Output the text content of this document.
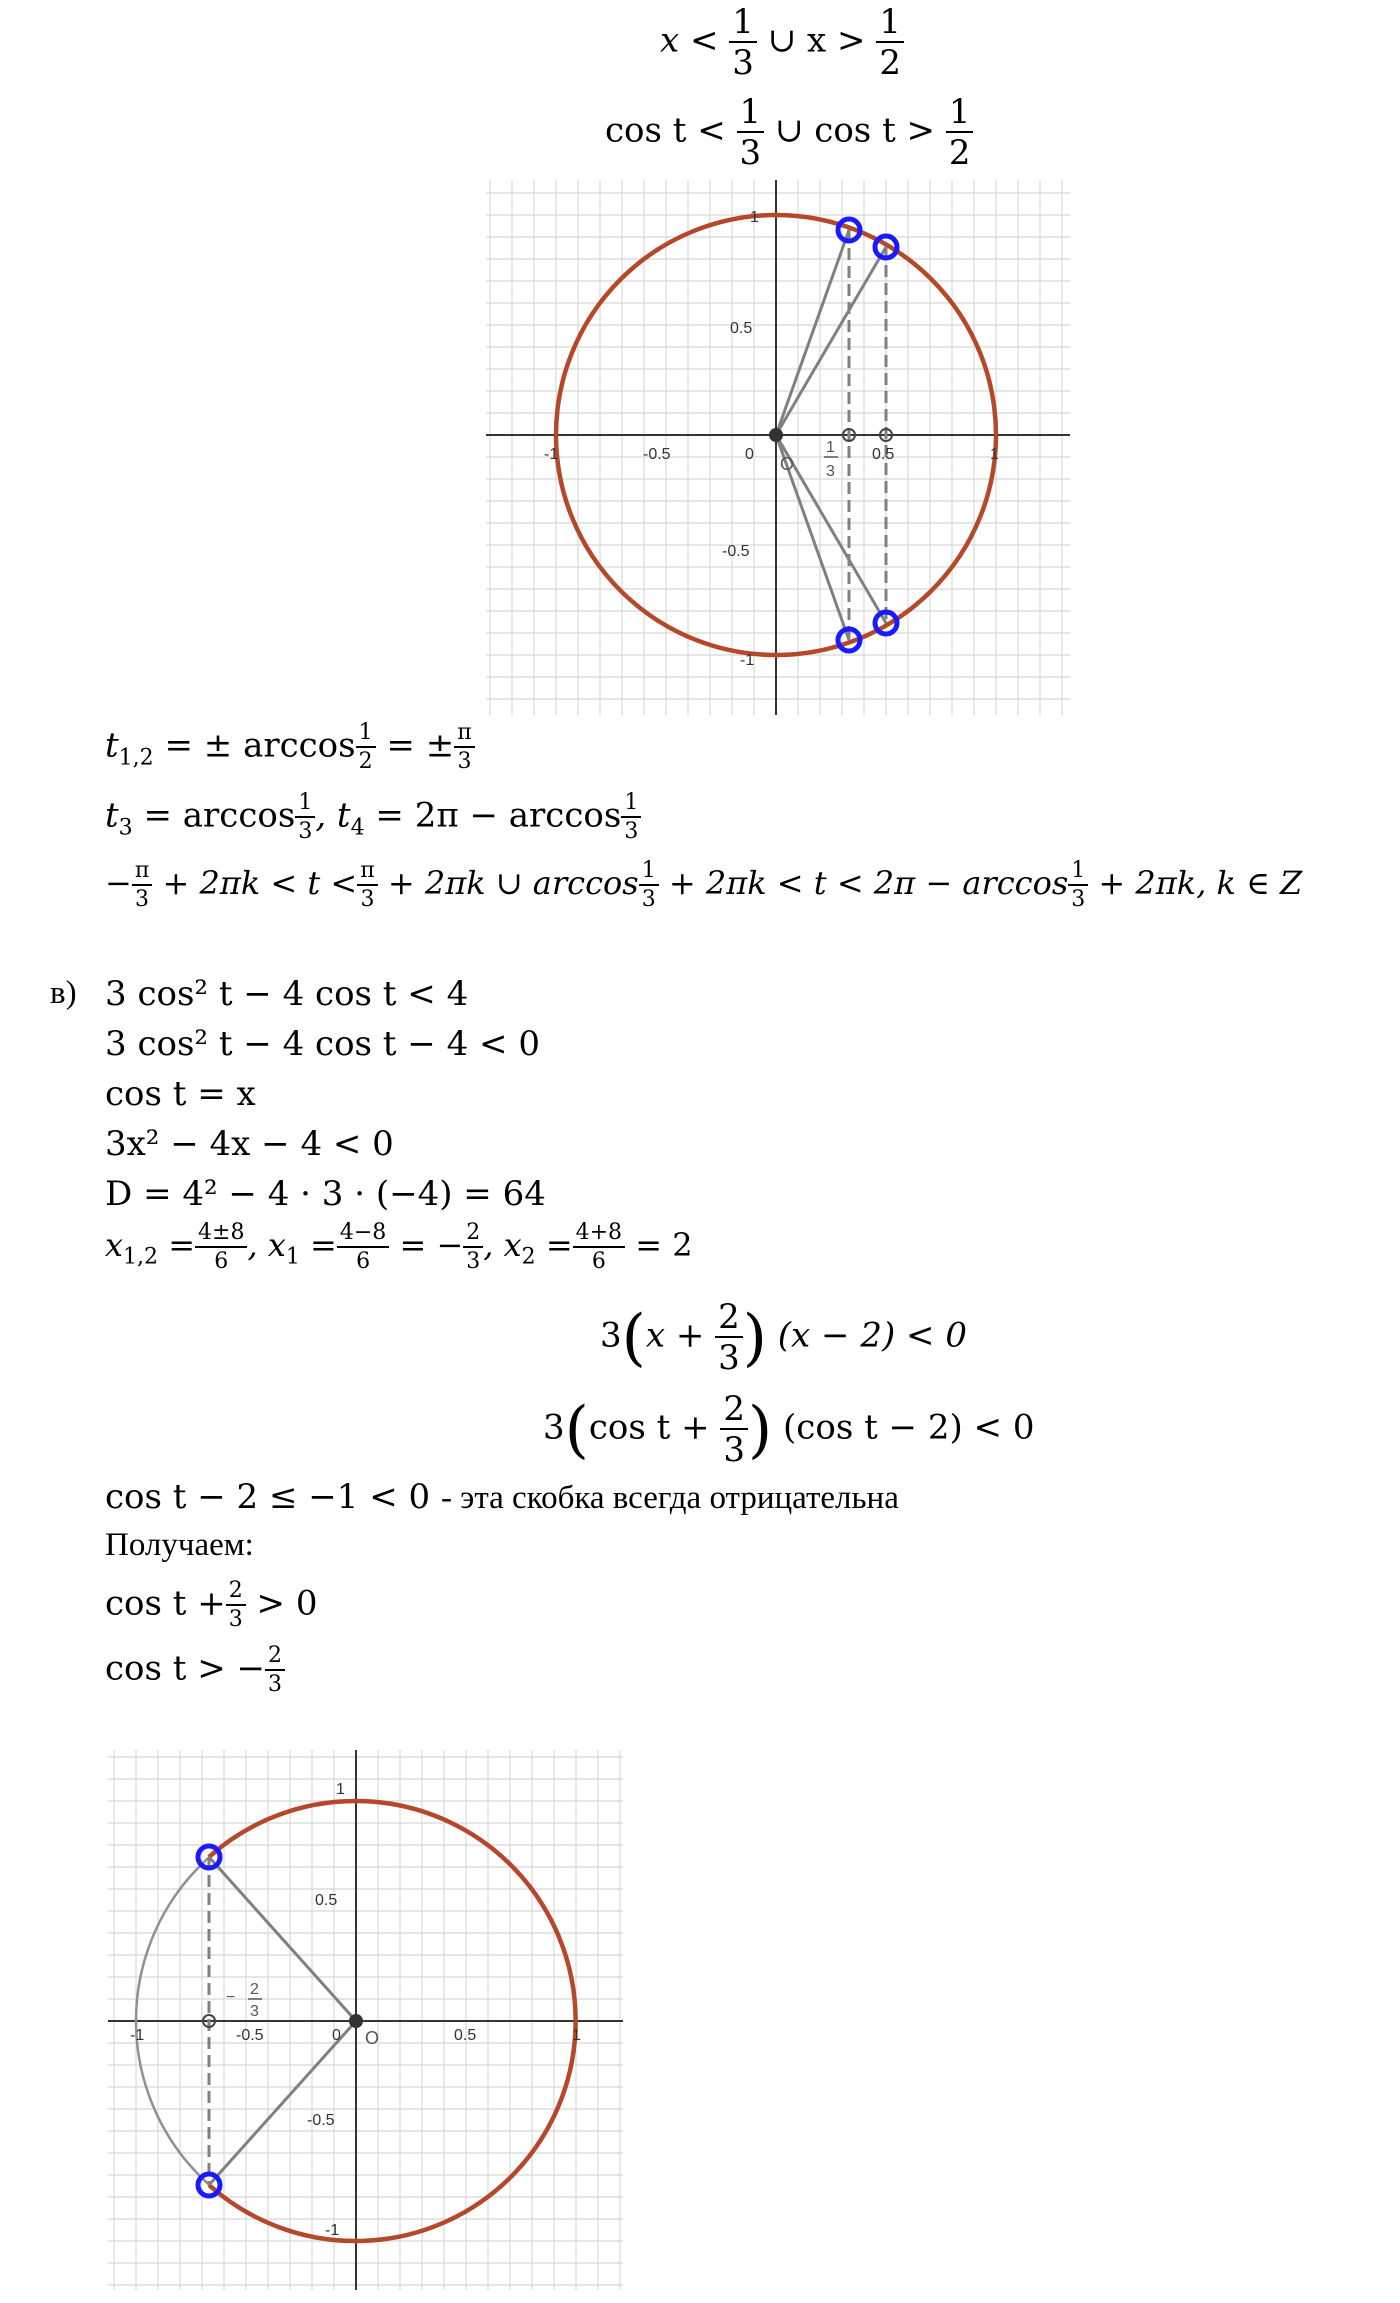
$x < \frac{1}{3}$ ∪ $x > \frac{1}{2}$
$\cos t < \frac{1}{3}$ ∪ $\cos t > \frac{1}{2}$
-1	-0.5	0	0.5	1
1
0.5
-0.5
-1
O
1
3
$t_{1,2}$ = ± $\arccos \frac{1}{2}$ = ± $\frac{\pi}{3}$
$t_3 = \arccos \frac{1}{3}$ , $t_4 = 2\pi - \arccos \frac{1}{3}$
− $\frac{\pi}{3} + 2\pi k < t < \frac{\pi}{3} + 2\pi k$ ∪ $\arccos \frac{1}{3} + 2\pi k < t < 2\pi - \arccos \frac{1}{3} + 2\pi k$, k ∈ Z
в) 3 cos² t − 4 cos t < 4
3 cos² t − 4 cos t − 4 < 0
cos t = x
3x² − 4x − 4 < 0
D = 4² − 4 · 3 · (−4) = 64
$x_{1,2} = \frac{4\pm 8}{6}$ , $x_1 = \frac{4-8}{6}$ = − $\frac{2}{3}$ , $x_2 = \frac{4+8}{6} = 2$
$3(x + \frac{2}{3}$ ) (x − 2) < 0
3(cos $t + \frac{2}{3}$ ) (cos t − 2) < 0
cos t − 2 ≤ −1 < 0 - эта скобка всегда отрицательна
Получаем:
$\cos t + \frac{2}{3} > 0$
cos t > − $\frac{2}{3}$
-1	-0.5	0	0.5	1
1
0.5
-0.5
-1
O
− 2
3
